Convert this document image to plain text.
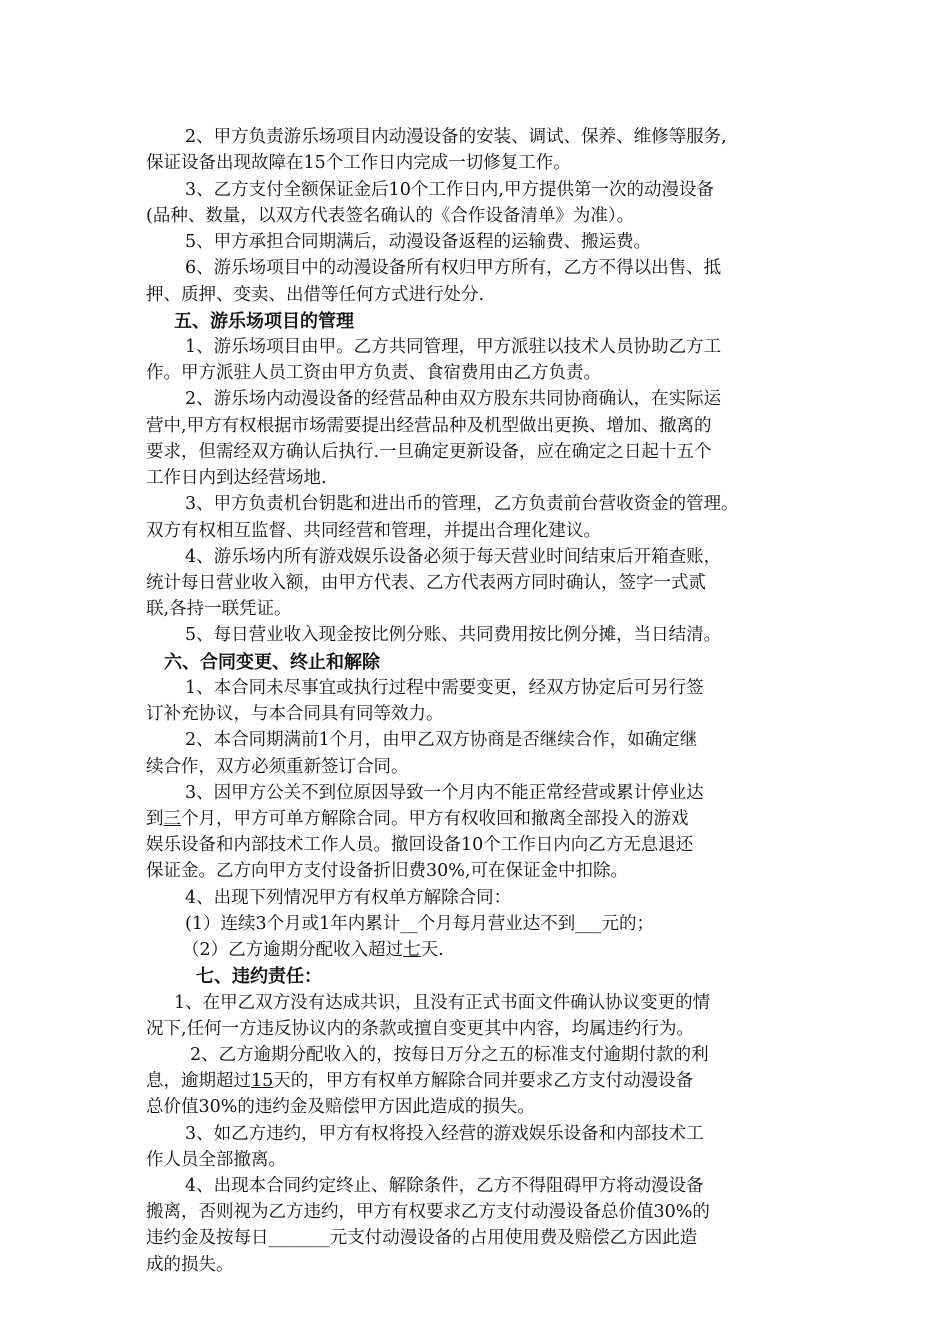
2、甲方负责游乐场项目内动漫设备的安装、调试、保养、维修等服务,
保证设备出现故障在15个工作日内完成一切修复工作。
3、乙方支付全额保证金后10个工作日内,甲方提供第一次的动漫设备
(品种、数量，以双方代表签名确认的《合作设备清单》为准）。
5、甲方承担合同期满后，动漫设备返程的运输费、搬运费。
6、游乐场项目中的动漫设备所有权归甲方所有，乙方不得以出售、抵
押、质押、变卖、出借等任何方式进行处分.
五、游乐场项目的管理
1、游乐场项目由甲。乙方共同管理，甲方派驻以技术人员协助乙方工
作。甲方派驻人员工资由甲方负责、食宿费用由乙方负责。
2、游乐场内动漫设备的经营品种由双方股东共同协商确认，在实际运
营中,甲方有权根据市场需要提出经营品种及机型做出更换、增加、撤离的
要求，但需经双方确认后执行.一旦确定更新设备，应在确定之日起十五个
工作日内到达经营场地.
3、甲方负责机台钥匙和进出币的管理，乙方负责前台营收资金的管理。
双方有权相互监督、共同经营和管理，并提出合理化建议。
4、游乐场内所有游戏娱乐设备必须于每天营业时间结束后开箱查账，
统计每日营业收入额，由甲方代表、乙方代表两方同时确认，签字一式贰
联,各持一联凭证。
5、每日营业收入现金按比例分账、共同费用按比例分摊，当日结清。
六、合同变更、终止和解除
1、本合同未尽事宜或执行过程中需要变更，经双方协定后可另行签
订补充协议，与本合同具有同等效力。
2、本合同期满前1个月，由甲乙双方协商是否继续合作，如确定继
续合作，双方必须重新签订合同。
3、因甲方公关不到位原因导致一个月内不能正常经营或累计停业达
到三个月，甲方可单方解除合同。甲方有权收回和撤离全部投入的游戏
娱乐设备和内部技术工作人员。撤回设备10个工作日内向乙方无息退还
保证金。乙方向甲方支付设备折旧费30%,可在保证金中扣除。
4、出现下列情况甲方有权单方解除合同：
(1）连续3个月或1年内累计__个月每月营业达不到___元的；
（2）乙方逾期分配收入超过七天.
七、违约责任：
1、在甲乙双方没有达成共识，且没有正式书面文件确认协议变更的情
况下,任何一方违反协议内的条款或擅自变更其中内容，均属违约行为。
2、乙方逾期分配收入的，按每日万分之五的标准支付逾期付款的利
息，逾期超过15天的，甲方有权单方解除合同并要求乙方支付动漫设备
总价值30%的违约金及赔偿甲方因此造成的损失。
3、如乙方违约，甲方有权将投入经营的游戏娱乐设备和内部技术工
作人员全部撤离。
4、出现本合同约定终止、解除条件，乙方不得阻碍甲方将动漫设备
搬离，否则视为乙方违约，甲方有权要求乙方支付动漫设备总价值30%的
违约金及按每日_______元支付动漫设备的占用使用费及赔偿乙方因此造
成的损失。
